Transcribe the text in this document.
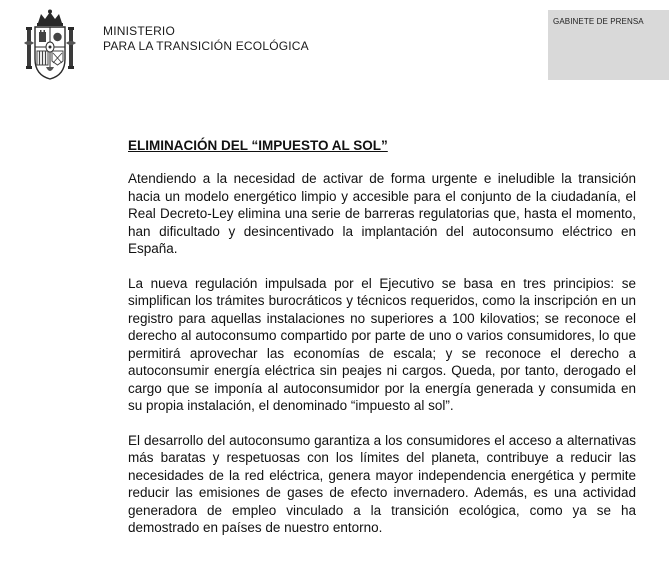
MINISTERIO
PARA LA TRANSICIÓN ECOLÓGICA
GABINETE DE PRENSA
ELIMINACIÓN DEL “IMPUESTO AL SOL”

Atendiendo a la necesidad de activar de forma urgente e ineludible la transición hacia un modelo energético limpio y accesible para el conjunto de la ciudadanía, el Real Decreto-Ley elimina una serie de barreras regulatorias que, hasta el momento, han dificultado y desincentivado la implantación del autoconsumo eléctrico en España.

La nueva regulación impulsada por el Ejecutivo se basa en tres principios: se simplifican los trámites burocráticos y técnicos requeridos, como la inscripción en un registro para aquellas instalaciones no superiores a 100 kilovatios; se reconoce el derecho al autoconsumo compartido por parte de uno o varios consumidores, lo que permitirá aprovechar las economías de escala; y se reconoce el derecho a autoconsumir energía eléctrica sin peajes ni cargos. Queda, por tanto, derogado el cargo que se imponía al autoconsumidor por la energía generada y consumida en su propia instalación, el denominado “impuesto al sol”.

El desarrollo del autoconsumo garantiza a los consumidores el acceso a alternativas más baratas y respetuosas con los límites del planeta, contribuye a reducir las necesidades de la red eléctrica, genera mayor independencia energética y permite reducir las emisiones de gases de efecto invernadero. Además, es una actividad generadora de empleo vinculado a la transición ecológica, como ya se ha demostrado en países de nuestro entorno.
